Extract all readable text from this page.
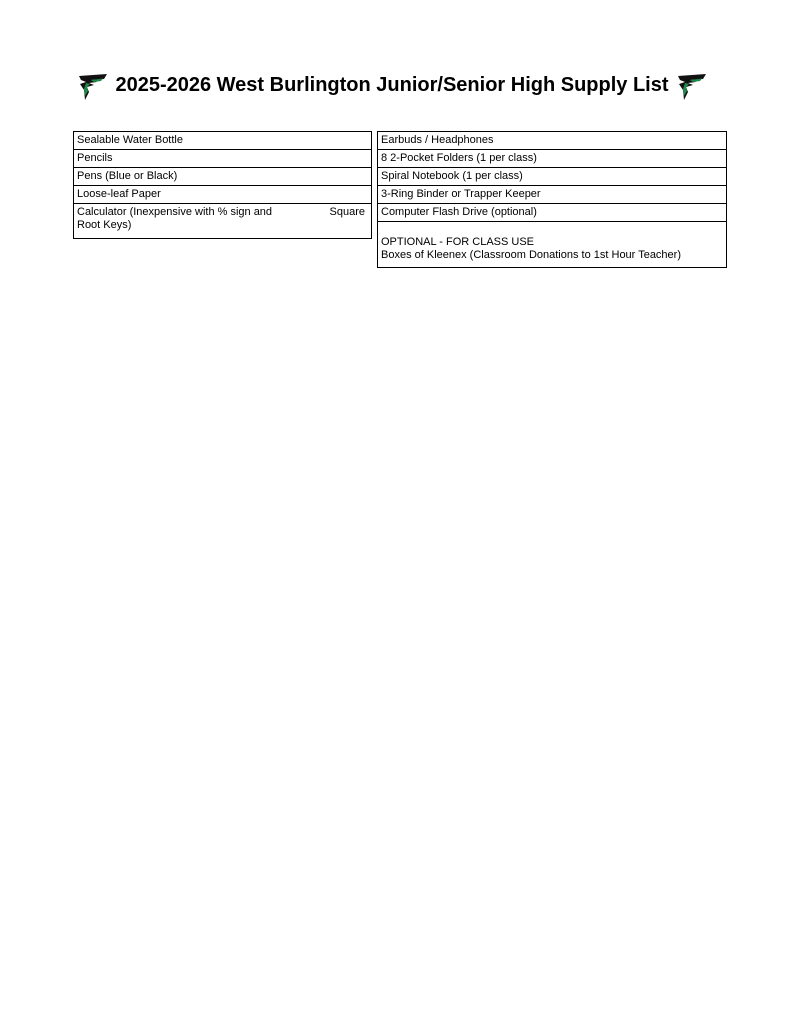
2025-2026 West Burlington Junior/Senior High Supply List
Sealable Water Bottle
Pencils
Pens (Blue or Black)
Loose-leaf Paper

Calculator (Inexpensive with % sign and	Square
Root Keys)
Earbuds / Headphones
8 2-Pocket Folders (1 per class)
Spiral Notebook (1 per class)
3-Ring Binder or Trapper Keeper
Computer Flash Drive (optional)

OPTIONAL - FOR CLASS USE
Boxes of Kleenex (Classroom Donations to 1st Hour Teacher)
